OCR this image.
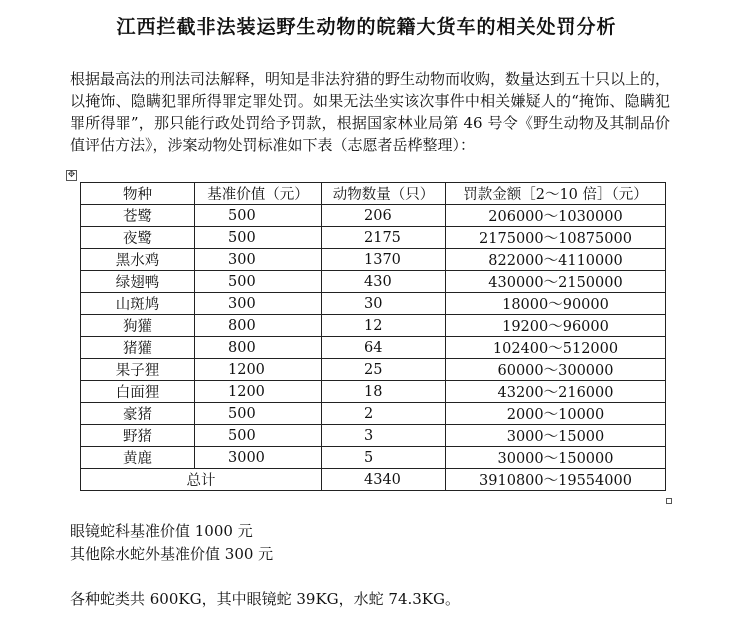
江西拦截非法装运野生动物的皖籍大货车的相关处罚分析
根据最高法的刑法司法解释，明知是非法狩猎的野生动物而收购，数量达到五十只以上的，以掩饰、隐瞒犯罪所得罪定罪处罚。如果无法坐实该次事件中相关嫌疑人的“掩饰、隐瞒犯罪所得罪”，那只能行政处罚给予罚款，根据国家林业局第 46 号令《野生动物及其制品价值评估方法》，涉案动物处罚标准如下表（志愿者岳桦整理）：
✥
物种	基准价值（元）	动物数量（只）	罚款金额［2～10 倍］（元）
苍鹭	500	206	206000～1030000
夜鹭	500	2175	2175000～10875000
黑水鸡	300	1370	822000～4110000
绿翅鸭	500	430	430000～2150000
山斑鸠	300	30	18000～90000
狗獾	800	12	19200～96000
猪獾	800	64	102400～512000
果子狸	1200	25	60000～300000
白面狸	1200	18	43200～216000
豪猪	500	2	2000～10000
野猪	500	3	3000～15000
黄鹿	3000	5	30000～150000
总计		4340	3910800～19554000
眼镜蛇科基准价值 1000 元
其他除水蛇外基准价值 300 元
各种蛇类共 600KG，其中眼镜蛇 39KG，水蛇 74.3KG。
